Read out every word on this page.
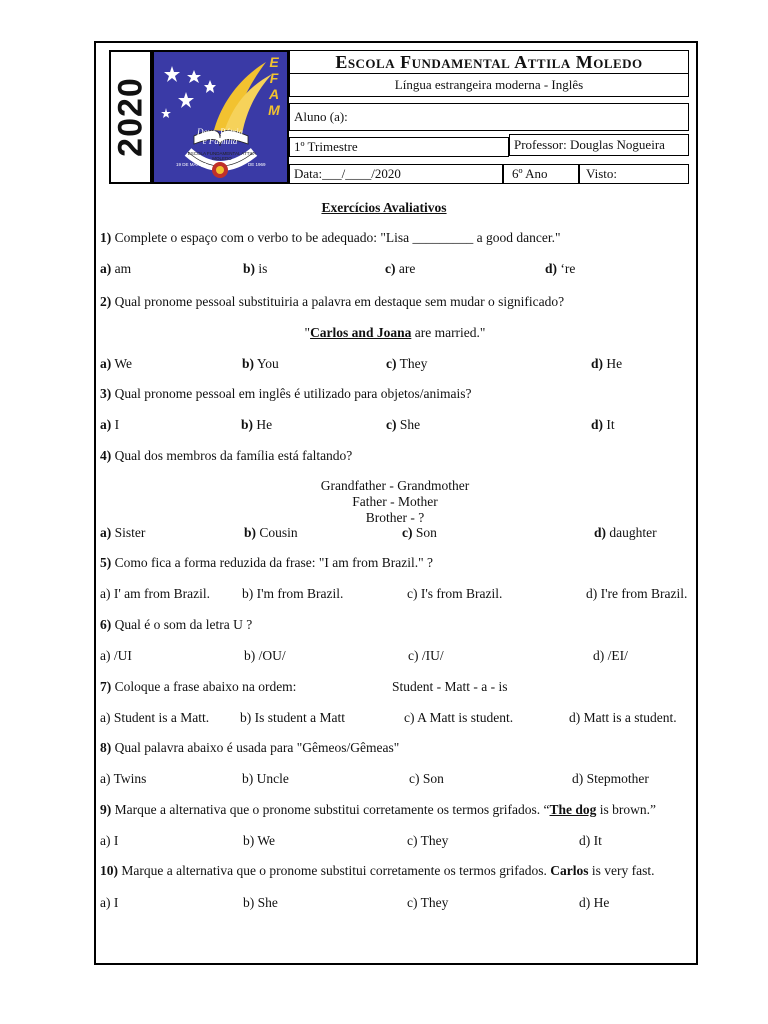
2020
E
F
A
M
Deus, Pátria
e Família
ESCOLA FUNDAMENTAL ATTILA MOLEDO
19 DE MARÇO	DE 1969
Escola Fundamental Attila Moledo
Língua estrangeira moderna - Inglês
Aluno (a):
1º Trimestre	Professor: Douglas Nogueira
Data:___/____/2020	6º Ano	Visto:
Exercícios Avaliativos
1) Complete o espaço com o verbo to be adequado: "Lisa _________ a good dancer."
a) am	b) is	c) are	d) ‘re
2) Qual pronome pessoal substituiria a palavra em destaque sem mudar o significado?
"Carlos and Joana are married."
a) We	b) You	c) They	d) He
3) Qual pronome pessoal em inglês é utilizado para objetos/animais?
a) I	b) He	c) She	d) It
4) Qual dos membros da família está faltando?
Grandfather - Grandmother
Father - Mother
Brother - ?
a) Sister	b) Cousin	c) Son	d) daughter
5) Como fica a forma reduzida da frase: "I am from Brazil." ?
a) I' am from Brazil. b) I'm from Brazil.	c) I's from Brazil.	d) I're from Brazil.
6) Qual é o som da letra U ?
a) /UI	b) /OU/	c) /IU/	d) /EI/
7) Coloque a frase abaixo na ordem:	Student - Matt - a - is
a) Student is a Matt. b) Is student a Matt	c) A Matt is student.	d) Matt is a student.
8) Qual palavra abaixo é usada para "Gêmeos/Gêmeas"
a) Twins	b) Uncle	c) Son	d) Stepmother
9) Marque a alternativa que o pronome substitui corretamente os termos grifados. “The dog is brown.”
a) I	b) We	c) They	d) It
10) Marque a alternativa que o pronome substitui corretamente os termos grifados. Carlos is very fast.
a) I	b) She	c) They	d) He
